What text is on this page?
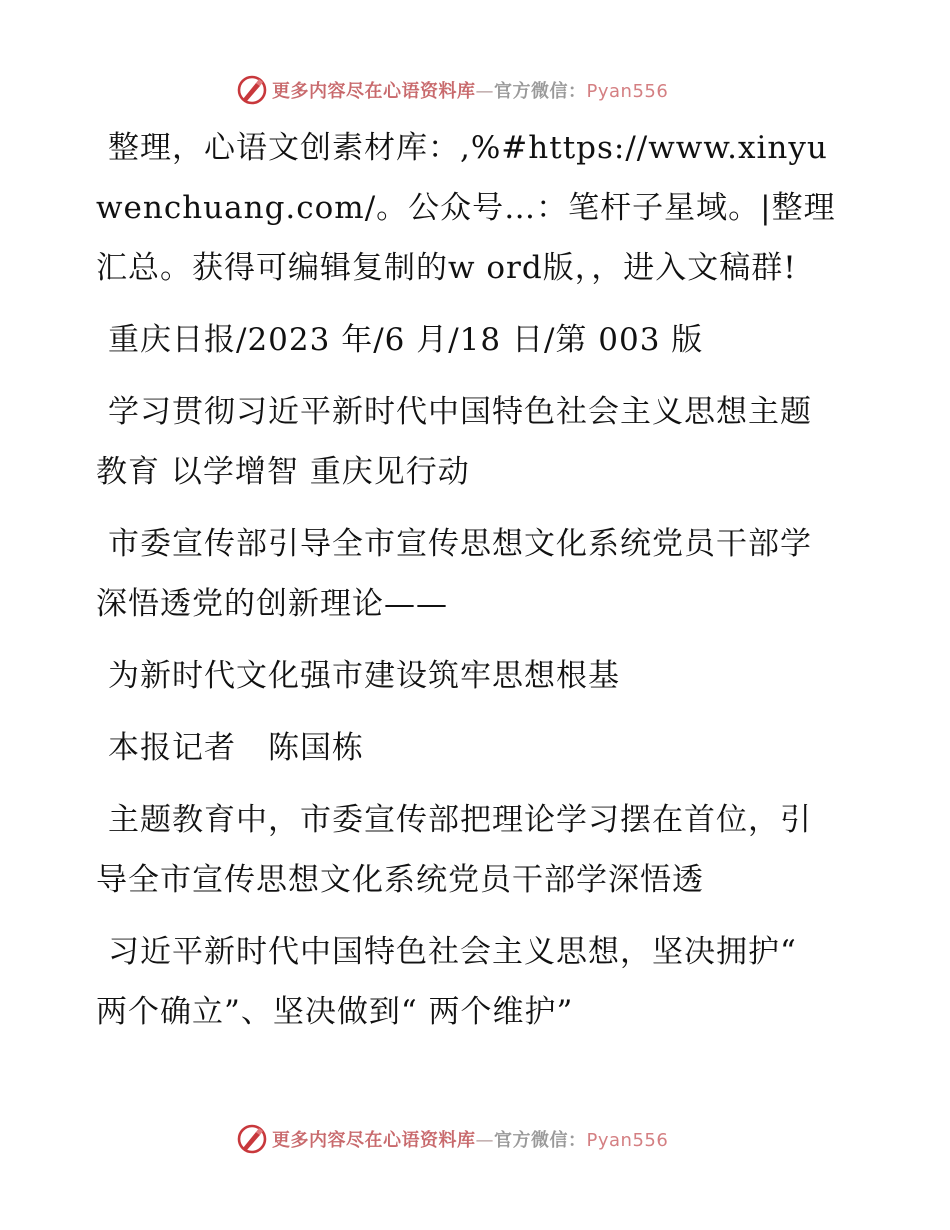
更多内容尽在心语资料库—官方微信：Pyan556

整理，心语文创素材库：,%#https://www.xinyuwenchuang.com/。公众号…：笔杆子星域。|整理汇总。获得可编辑复制的w ord版，，进入文稿群!

重庆日报/2023 年/6 月/18 日/第 003 版

学习贯彻习近平新时代中国特色社会主义思想主题教育 以学增智 重庆见行动

市委宣传部引导全市宣传思想文化系统党员干部学深悟透党的创新理论——

为新时代文化强市建设筑牢思想根基

本报记者　陈国栋

主题教育中，市委宣传部把理论学习摆在首位，引导全市宣传思想文化系统党员干部学深悟透

习近平新时代中国特色社会主义思想，坚决拥护“ 两个确立”、坚决做到“ 两个维护”

更多内容尽在心语资料库—官方微信：Pyan556
